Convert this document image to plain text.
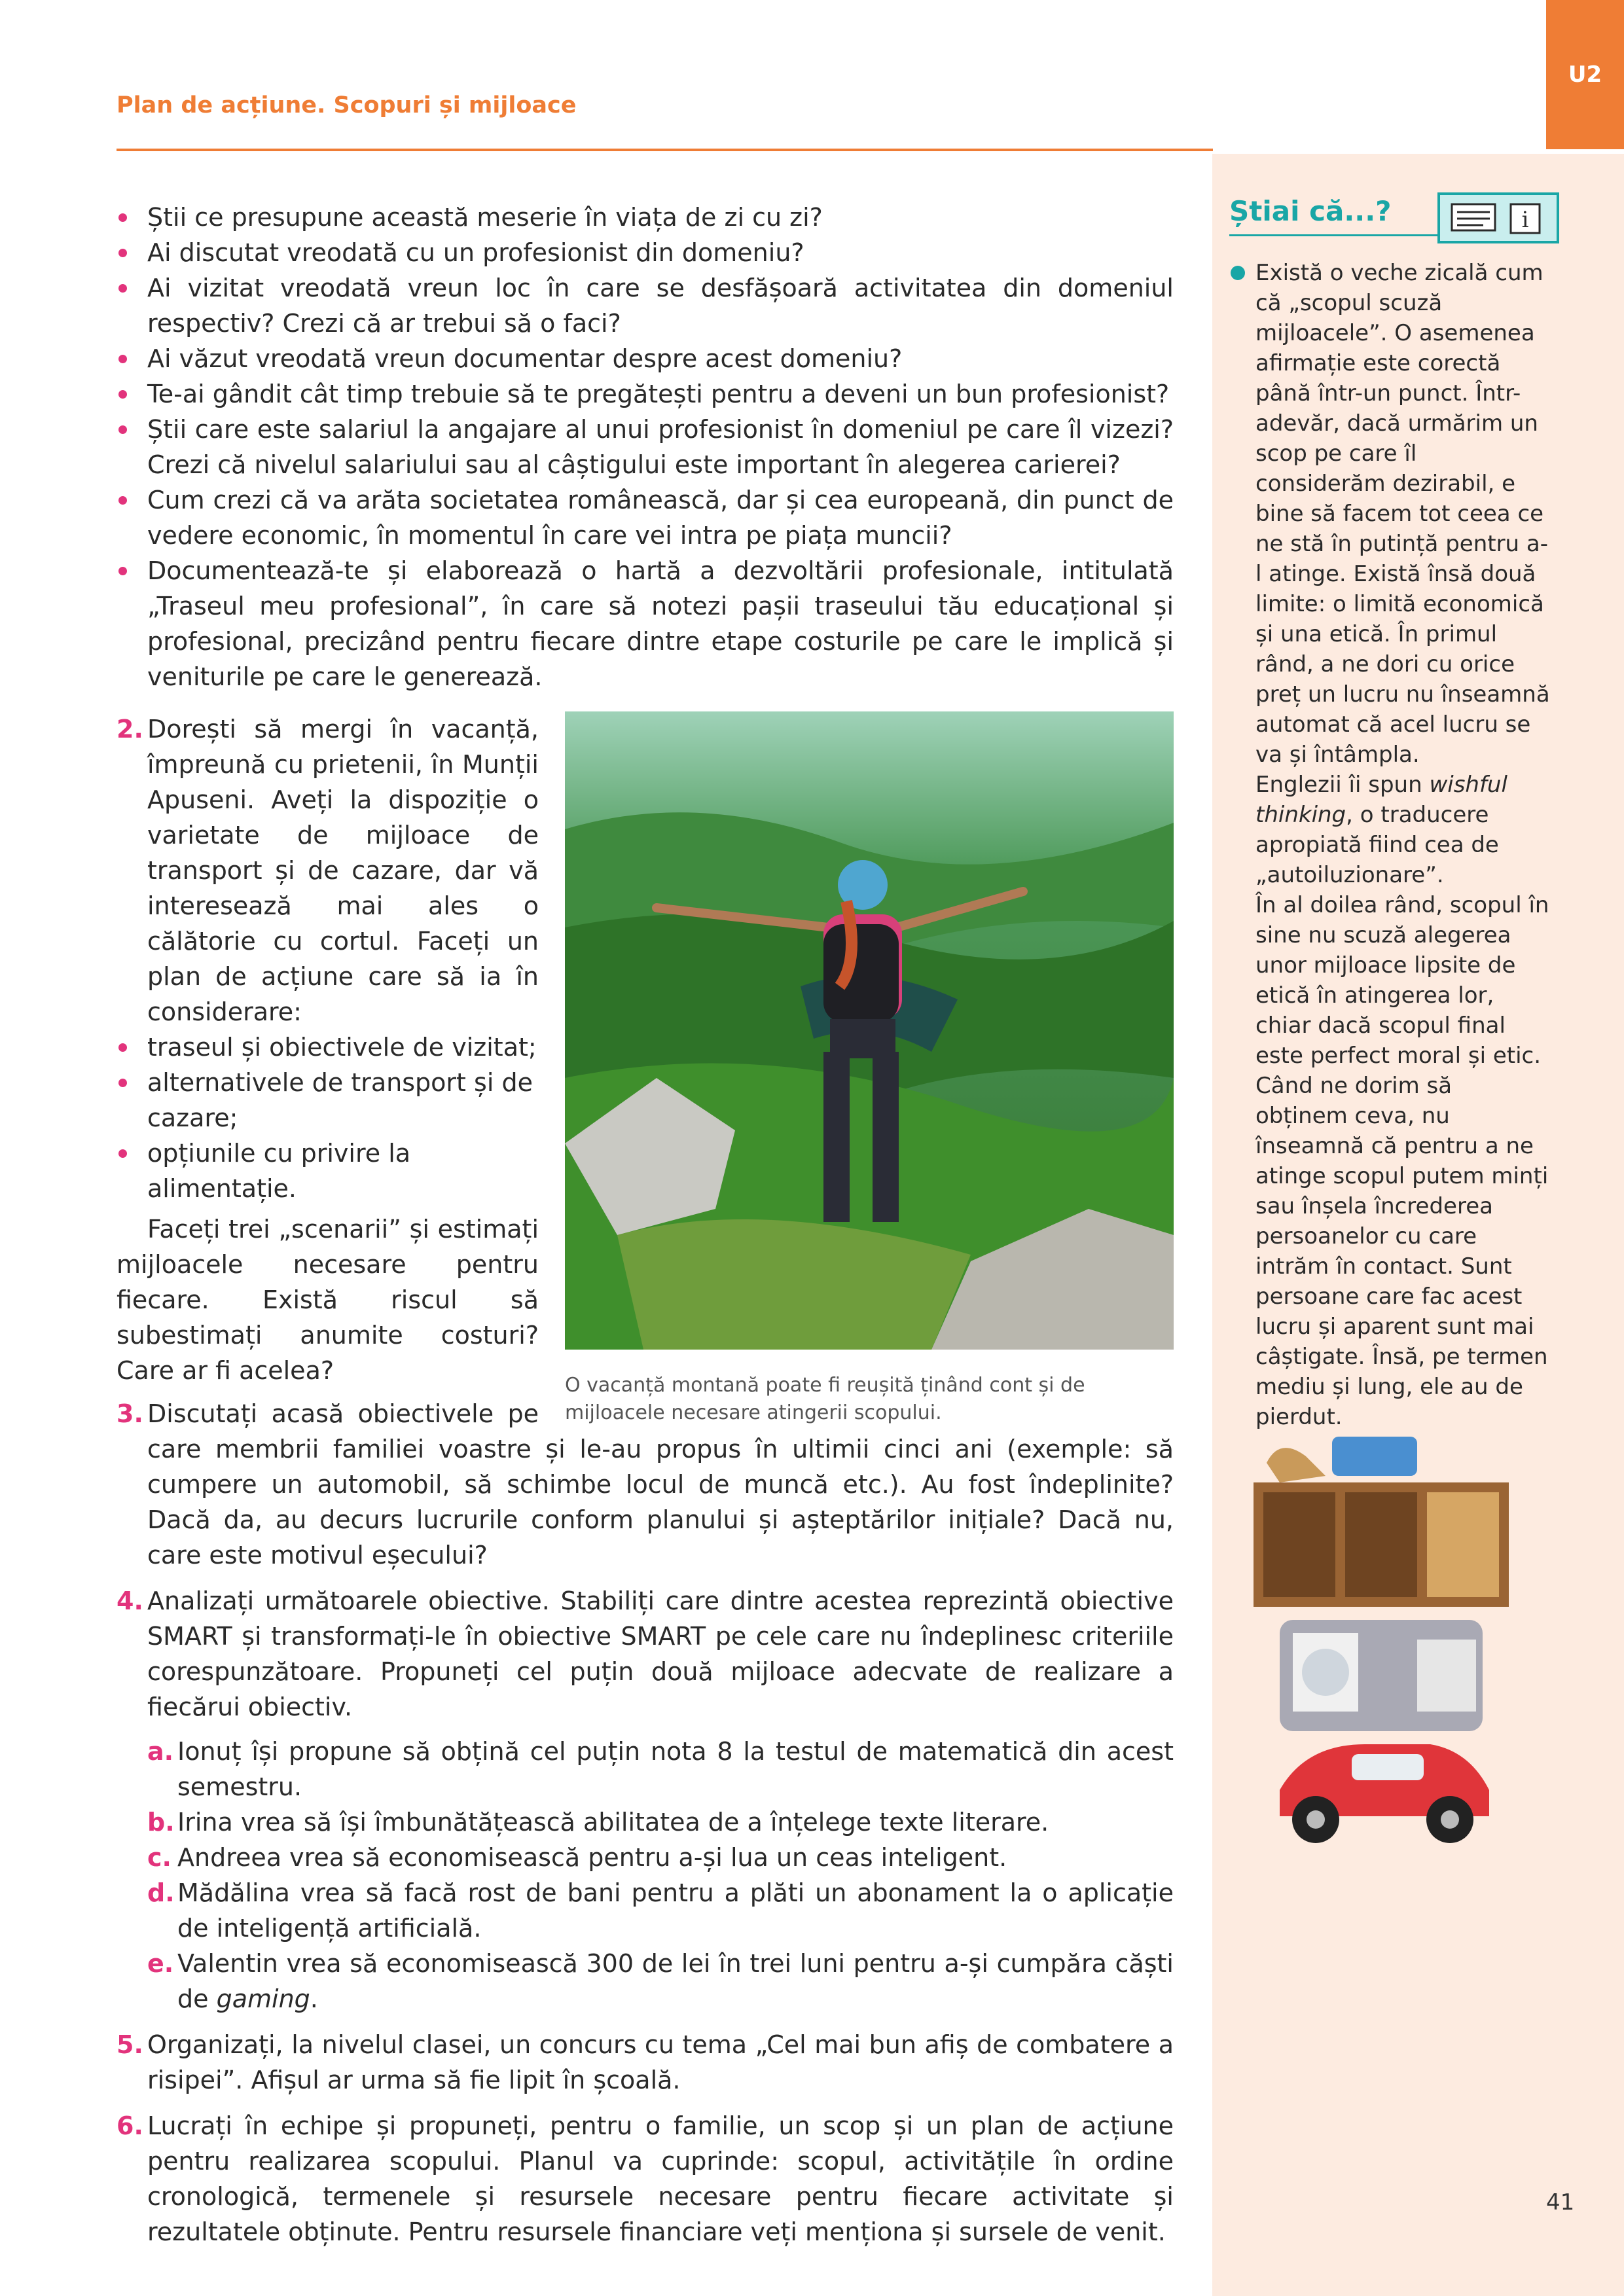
U2
Plan de acțiune. Scopuri și mijloace
Știi ce presupune această meserie în viața de zi cu zi?
Ai discutat vreodată cu un profesionist din domeniu?
Ai vizitat vreodată vreun loc în care se desfășoară activitatea din domeniul respectiv? Crezi că ar trebui să o faci?
Ai văzut vreodată vreun documentar despre acest domeniu?
Te-ai gândit cât timp trebuie să te pregătești pentru a deveni un bun profesionist?
Știi care este salariul la angajare al unui profesionist în domeniul pe care îl vizezi? Crezi că nivelul salariului sau al câștigului este important în alegerea carierei?
Cum crezi că va arăta societatea românească, dar și cea europeană, din punct de vedere economic, în momentul în care vei intra pe piața muncii?
Documentează-te și elaborează o hartă a dezvoltării profesionale, intitulată „Traseul meu profesional”, în care să notezi pașii traseului tău educațional și profesional, precizând pentru fiecare dintre etape costurile pe care le implică și veniturile pe care le generează.
O vacanță montană poate fi reușită ținând cont și de mijloacele necesare atingerii scopului.
2. Dorești să mergi în vacanță, împreună cu prietenii, în Munții Apuseni. Aveți la dispoziție o varietate de mijloace de transport și de cazare, dar vă interesează mai ales o călătorie cu cortul. Faceți un plan de acțiune care să ia în considerare:
traseul și obiectivele de vizitat;
alternativele de transport și de cazare;
opțiunile cu privire la alimentație.
Faceți trei „scenarii” și estimați mijloacele necesare pentru fiecare. Există riscul să subestimați anumite costuri? Care ar fi acelea?
3. Discutați acasă obiectivele pe care membrii familiei voastre și le-au propus în ultimii cinci ani (exemple: să cumpere un automobil, să schimbe locul de muncă etc.). Au fost îndeplinite? Dacă da, au decurs lucrurile conform planului și așteptărilor inițiale? Dacă nu, care este motivul eșecului?
4. Analizați următoarele obiective. Stabiliți care dintre acestea reprezintă obiective SMART și transformați-le în obiective SMART pe cele care nu îndeplinesc criteriile corespunzătoare. Propuneți cel puțin două mijloace adecvate de realizare a fiecărui obiectiv.
a. Ionuț își propune să obțină cel puțin nota 8 la testul de matematică din acest semestru.
b. Irina vrea să își îmbunătățească abilitatea de a înțelege texte literare.
c. Andreea vrea să economisească pentru a-și lua un ceas inteligent.
d. Mădălina vrea să facă rost de bani pentru a plăti un abonament la o aplicație de inteligență artificială.
e. Valentin vrea să economisească 300 de lei în trei luni pentru a-și cumpăra căști de gaming.
5. Organizați, la nivelul clasei, un concurs cu tema „Cel mai bun afiș de combatere a risipei”. Afișul ar urma să fie lipit în școală.
6. Lucrați în echipe și propuneți, pentru o familie, un scop și un plan de acțiune pentru realizarea scopului. Planul va cuprinde: scopul, activitățile în ordine cronologică, termenele și resursele necesare pentru fiecare activitate și rezultatele obținute. Pentru resursele financiare veți menționa și sursele de venit.
Știai că...?	i
Există o veche zicală cum că „scopul scuză mijloacele”. O asemenea afirmație este corectă până într-un punct. Într-adevăr, dacă urmărim un scop pe care îl considerăm dezirabil, e bine să facem tot ceea ce ne stă în putință pentru a-l atinge. Există însă două limite: o limită economică și una etică. În primul rând, a ne dori cu orice preț un lucru nu înseamnă automat că acel lucru se va și întâmpla.
Englezii îi spun wishful thinking, o traducere apropiată fiind cea de „autoiluzionare”.
În al doilea rând, scopul în sine nu scuză alegerea unor mijloace lipsite de etică în atingerea lor, chiar dacă scopul final este perfect moral și etic. Când ne dorim să obținem ceva, nu înseamnă că pentru a ne atinge scopul putem minți sau înșela încrederea persoanelor cu care intrăm în contact. Sunt persoane care fac acest lucru și aparent sunt mai câștigate. Însă, pe termen mediu și lung, ele au de pierdut.
41
